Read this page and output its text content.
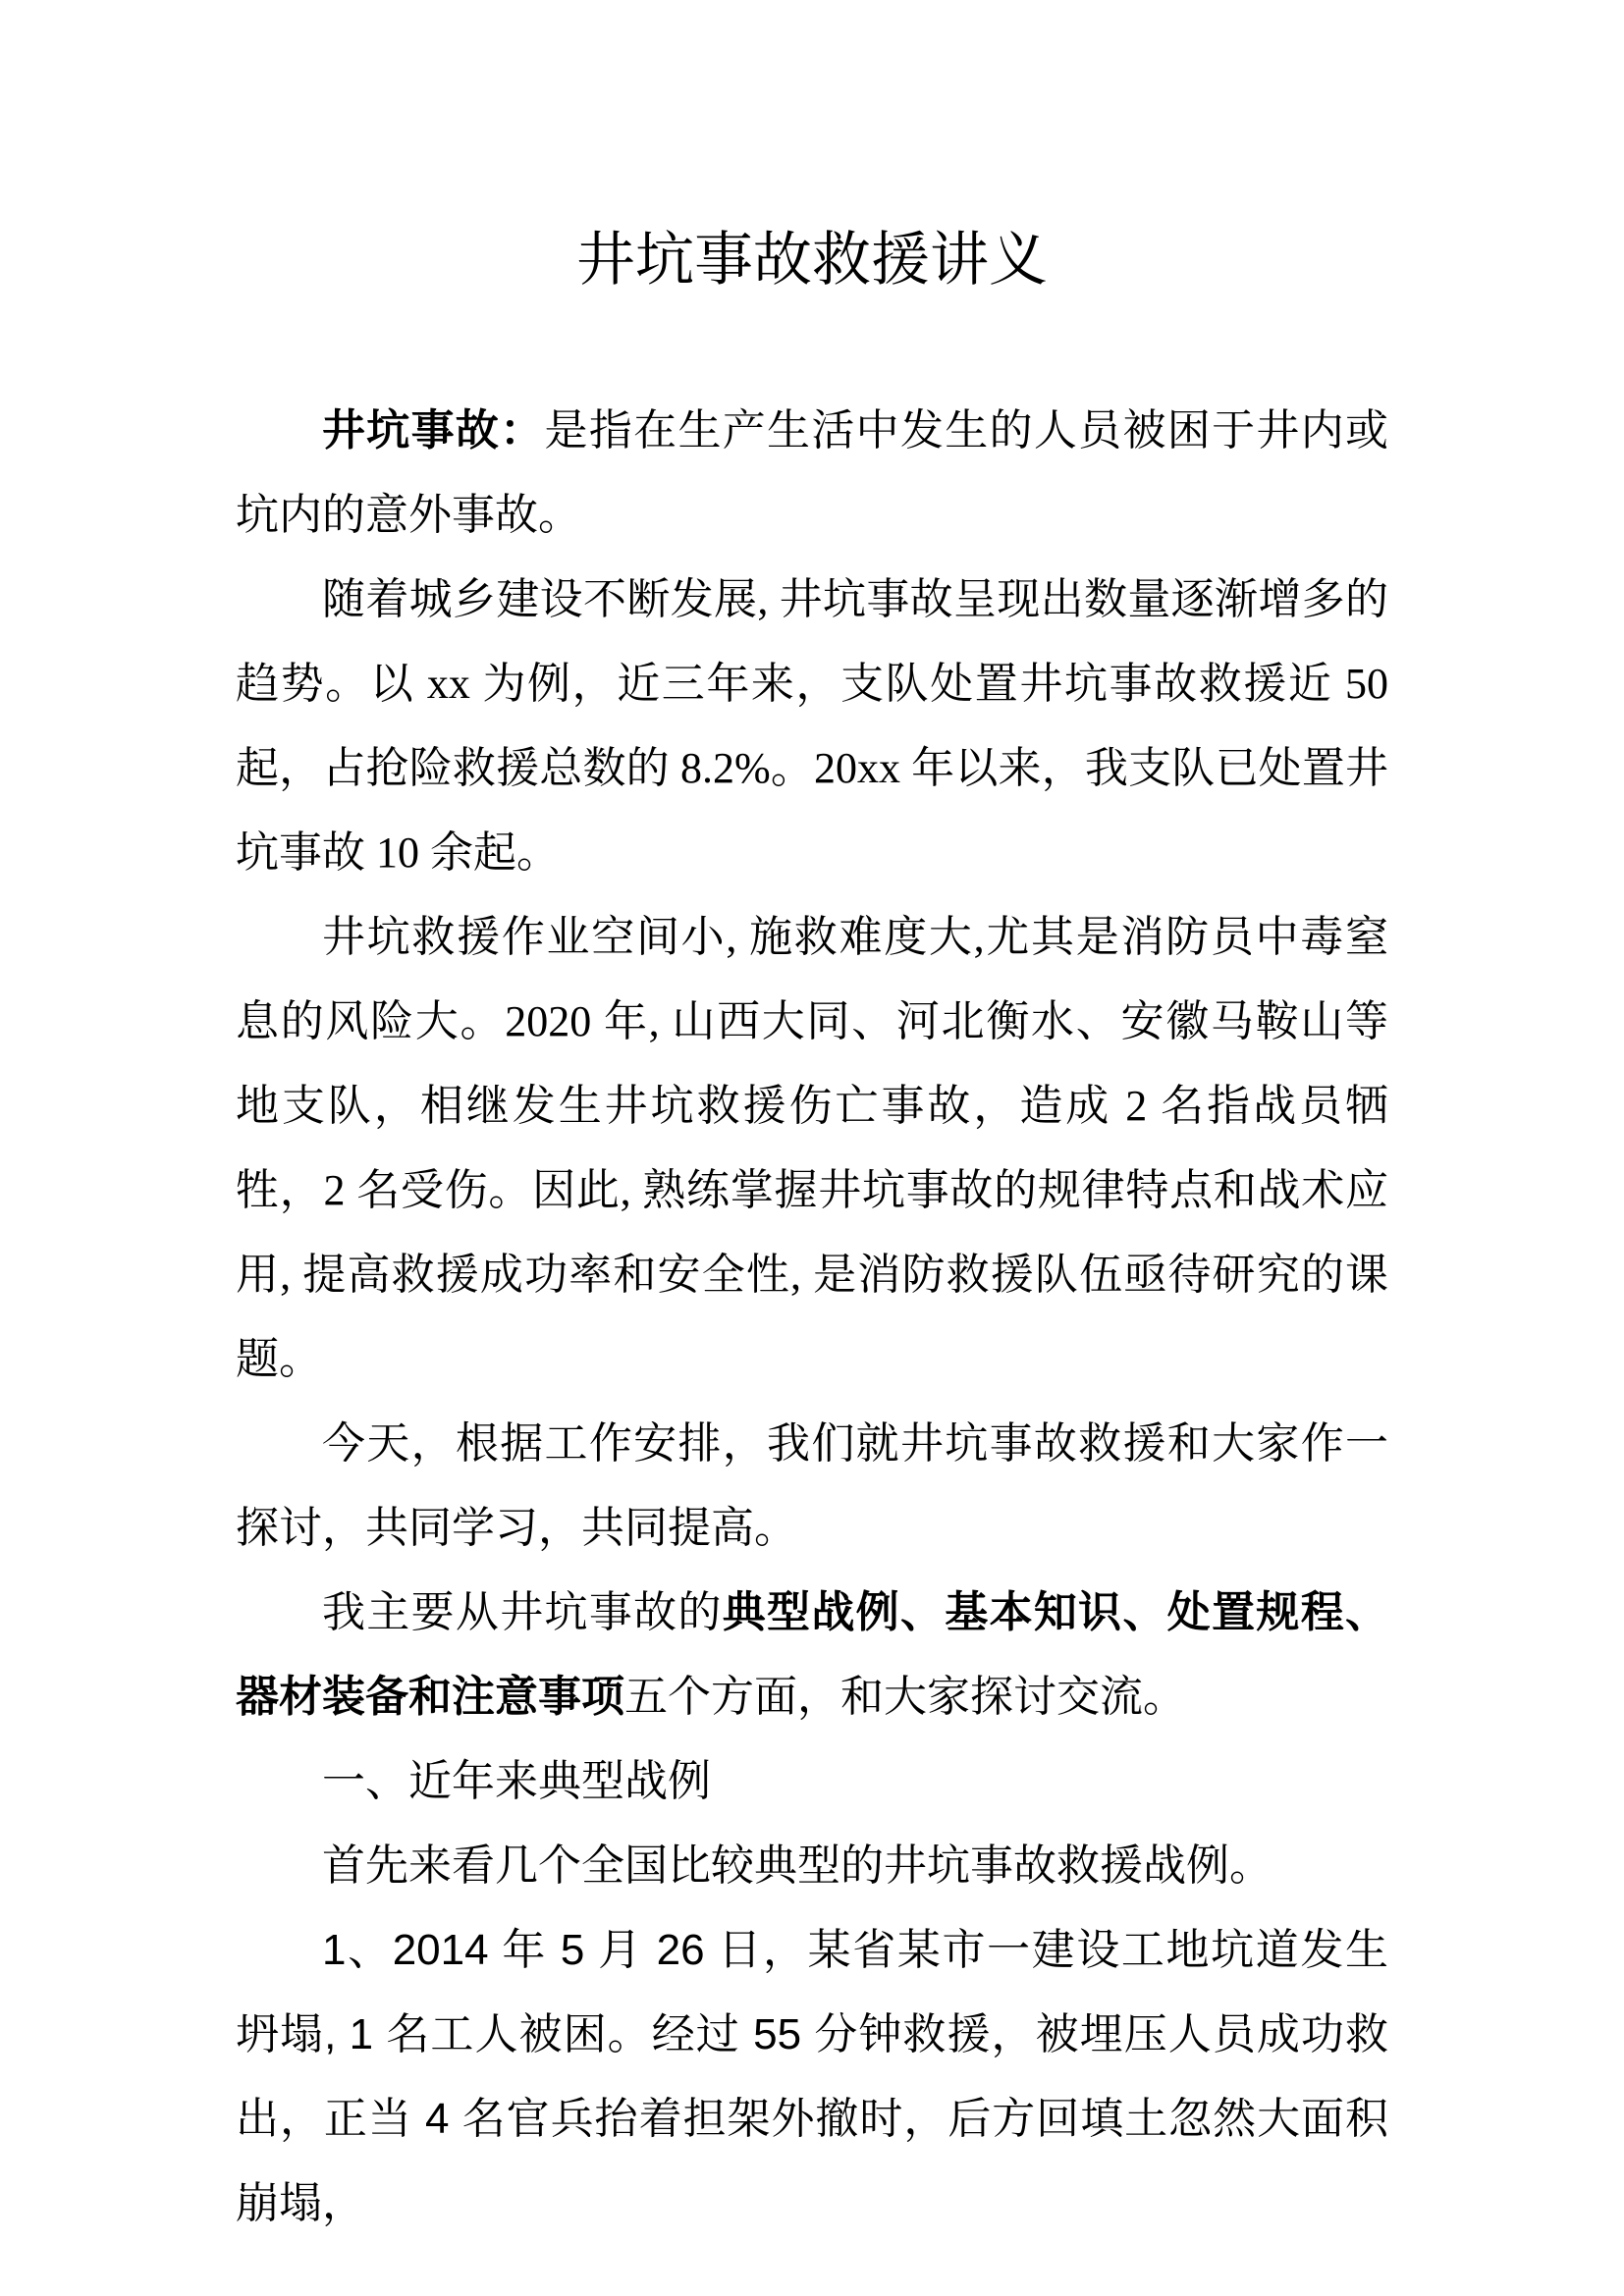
井坑事故救援讲义

井坑事故：是指在生产生活中发生的人员被困于井内或坑内的意外事故。

随着城乡建设不断发展, 井坑事故呈现出数量逐渐增多的趋势。以 xx 为例，近三年来，支队处置井坑事故救援近 50 起，占抢险救援总数的 8.2%。20xx 年以来，我支队已处置井坑事故 10 余起。

井坑救援作业空间小, 施救难度大,尤其是消防员中毒窒息的风险大。2020 年, 山西大同、河北衡水、安徽马鞍山等地支队，相继发生井坑救援伤亡事故，造成 2 名指战员牺牲，2 名受伤。因此, 熟练掌握井坑事故的规律特点和战术应用, 提高救援成功率和安全性, 是消防救援队伍亟待研究的课题。

今天，根据工作安排，我们就井坑事故救援和大家作一探讨，共同学习，共同提高。

我主要从井坑事故的典型战例、基本知识、处置规程、器材装备和注意事项五个方面，和大家探讨交流。

一、近年来典型战例

首先来看几个全国比较典型的井坑事故救援战例。

1、2014 年 5 月 26 日，某省某市一建设工地坑道发生坍塌, 1 名工人被困。经过 55 分钟救援，被埋压人员成功救出，正当 4 名官兵抬着担架外撤时，后方回填土忽然大面积崩塌，
